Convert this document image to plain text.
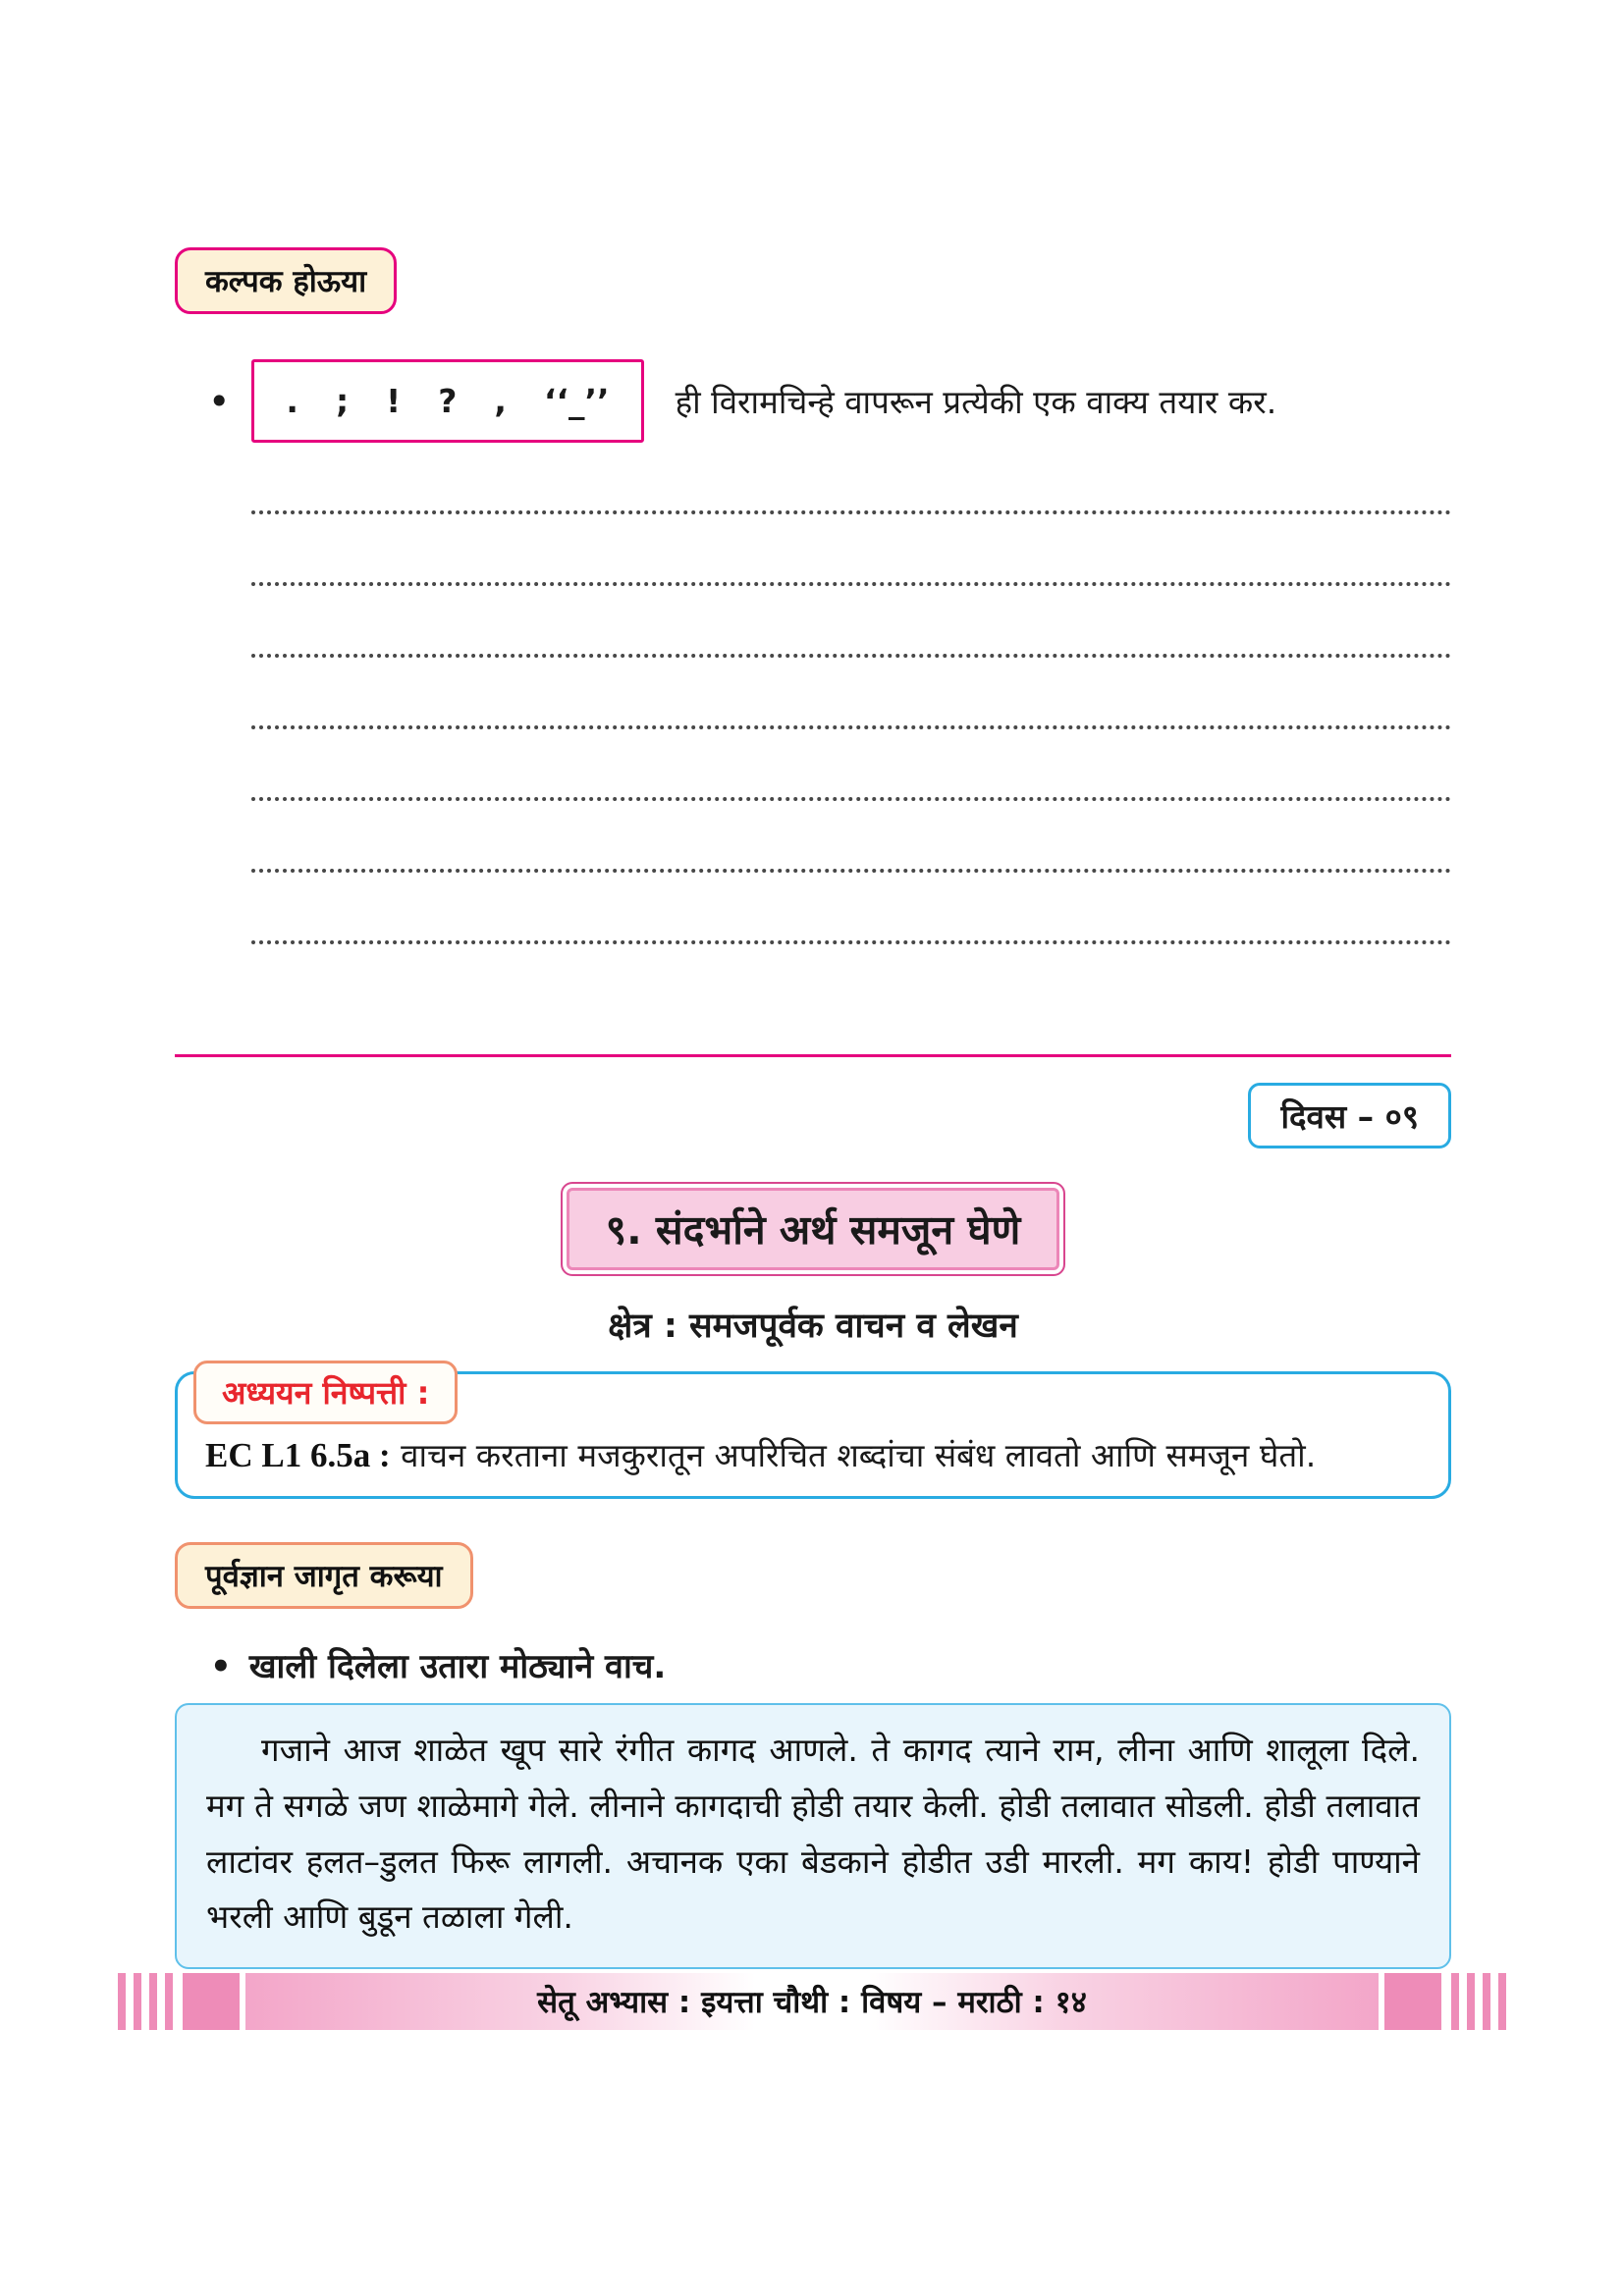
कल्पक होऊया
• . ; ! ? , ‘‘_’’ ही विरामचिन्हे वापरून प्रत्येकी एक वाक्य तयार कर.
दिवस – ०९
९. संदर्भाने अर्थ समजून घेणे
क्षेत्र : समजपूर्वक वाचन व लेखन
अध्ययन निष्पत्ती :
EC L1 6.5a : वाचन करताना मजकुरातून अपरिचित शब्दांचा संबंध लावतो आणि समजून घेतो.
पूर्वज्ञान जागृत करूया
• खाली दिलेला उतारा मोठ्याने वाच.

गजाने आज शाळेत खूप सारे रंगीत कागद आणले. ते कागद त्याने राम, लीना आणि शालूला दिले. मग ते सगळे जण शाळेमागे गेले. लीनाने कागदाची होडी तयार केली. होडी तलावात सोडली. होडी तलावात लाटांवर हलत–डुलत फिरू लागली. अचानक एका बेडकाने होडीत उडी मारली. मग काय! होडी पाण्याने भरली आणि बुडून तळाला गेली.

सेतू अभ्यास : इयत्ता चौथी : विषय – मराठी : १४
